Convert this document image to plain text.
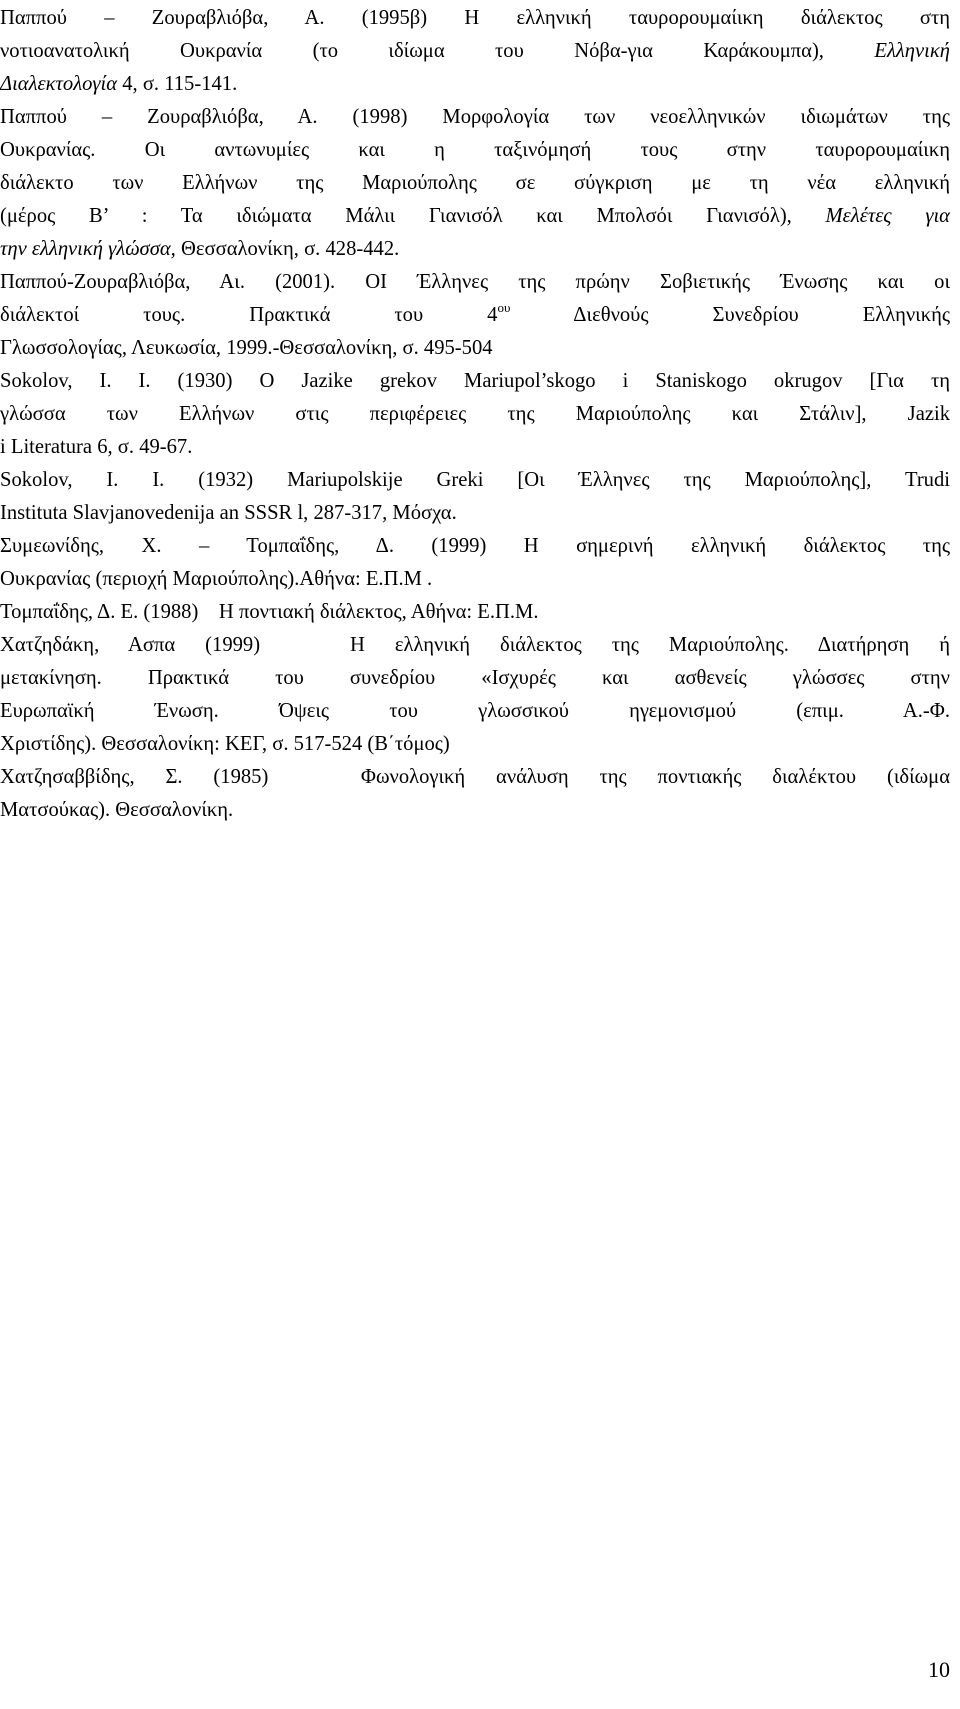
Παππού – Ζουραβλιόβα, Α. (1995β) Η ελληνική ταυρορουμαίικη διάλεκτος στη
νοτιοανατολική Ουκρανία (το ιδίωμα του Νόβα-για Καράκουμπα), Ελληνική
Διαλεκτολογία 4, σ. 115-141.
Παππού – Ζουραβλιόβα, Α. (1998) Μορφολογία των νεοελληνικών ιδιωμάτων της
Ουκρανίας. Οι αντωνυμίες και η ταξινόμησή τους στην ταυρορουμαίικη
διάλεκτο των Ελλήνων της Μαριούπολης σε σύγκριση με τη νέα ελληνική
(μέρος Β’ : Τα ιδιώματα Μάλιι Γιανισόλ και Μπολσόι Γιανισόλ), Μελέτες για
την ελληνική γλώσσα, Θεσσαλονίκη, σ. 428-442.
Παππού-Ζουραβλιόβα, Αι. (2001). ΟΙ Έλληνες της πρώην Σοβιετικής Ένωσης και οι
διάλεκτοί τους. Πρακτικά του $4^{o\upsilon}$ Διεθνούς Συνεδρίου Ελληνικής
Γλωσσολογίας, Λευκωσία, 1999.-Θεσσαλονίκη, σ. 495-504
Sokolov, I. I. (1930) O Jazike grekov Mariupol’skogo i Staniskogo okrugov [Για τη
γλώσσα των Ελλήνων στις περιφέρειες της Μαριούπολης και Στάλιν], Jazik
i Literatura 6, σ. 49-67.
Sokolov, I. I. (1932) Mariupolskije Greki [Οι Έλληνες της Μαριούπολης], Trudi
Instituta Slavjanovedenija an SSSR l, 287-317, Μόσχα.
Συμεωνίδης, Χ. – Τομπαΐδης, Δ. (1999) Η σημερινή ελληνική διάλεκτος της
Ουκρανίας (περιοχή Μαριούπολης).Αθήνα: Ε.Π.Μ .
Τομπαΐδης, Δ. Ε. (1988)    Η ποντιακή διάλεκτος, Αθήνα: Ε.Π.Μ.
Χατζηδάκη, Ασπα (1999)   Η ελληνική διάλεκτος της Μαριούπολης. Διατήρηση ή
μετακίνηση. Πρακτικά του συνεδρίου «Ισχυρές και ασθενείς γλώσσες στην
Ευρωπαϊκή Ένωση. Όψεις του γλωσσικού ηγεμονισμού (επιμ. Α.-Φ.
Χριστίδης). Θεσσαλονίκη: ΚΕΓ, σ. 517-524 (Β΄τόμος)
Χατζησαββίδης, Σ. (1985)   Φωνολογική ανάλυση της ποντιακής διαλέκτου (ιδίωμα
Ματσούκας). Θεσσαλονίκη.
10
